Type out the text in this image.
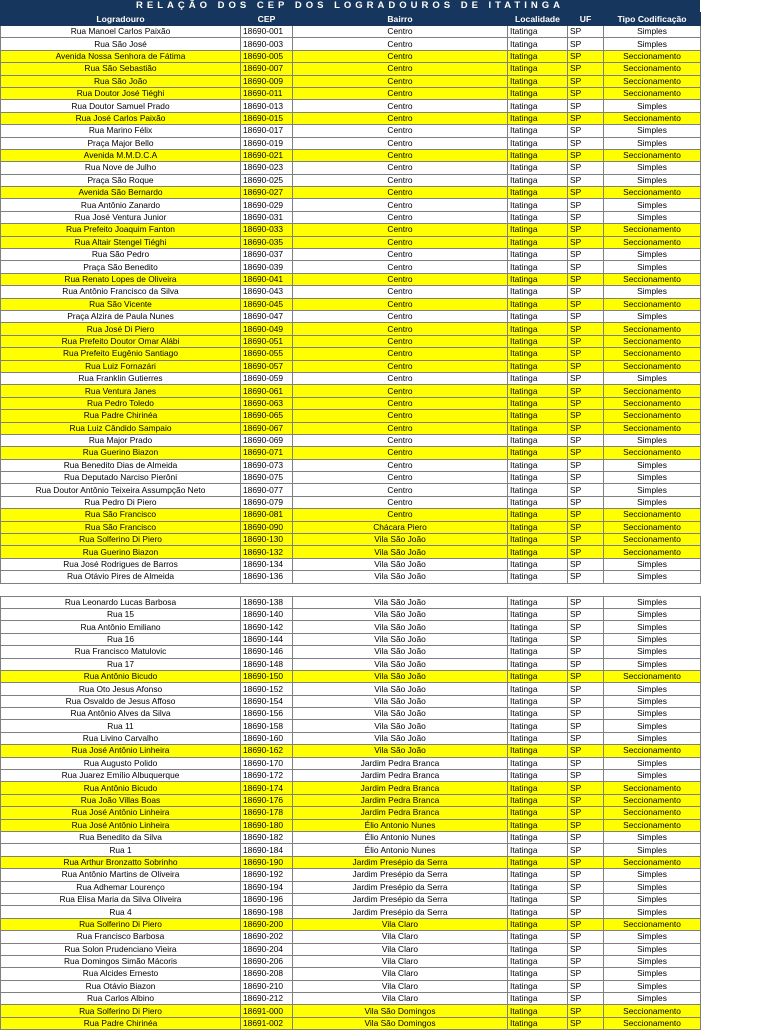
RELAÇÃO DOS CEP DOS LOGRADOUROS DE ITATINGA
Logradouro	CEP	Bairro	Localidade	UF	Tipo Codificação
Rua Manoel Carlos Paixão	18690-001	Centro	Itatinga	SP	Simples
Rua São José	18690-003	Centro	Itatinga	SP	Simples
Avenida Nossa Senhora de Fátima	18690-005	Centro	Itatinga	SP	Seccionamento
Rua São Sebastião	18690-007	Centro	Itatinga	SP	Seccionamento
Rua São João	18690-009	Centro	Itatinga	SP	Seccionamento
Rua Doutor José Tiéghi	18690-011	Centro	Itatinga	SP	Seccionamento
Rua Doutor Samuel Prado	18690-013	Centro	Itatinga	SP	Simples
Rua José Carlos Paixão	18690-015	Centro	Itatinga	SP	Seccionamento
Rua Marino Félix	18690-017	Centro	Itatinga	SP	Simples
Praça Major Bello	18690-019	Centro	Itatinga	SP	Simples
Avenida M.M.D.C.A	18690-021	Centro	Itatinga	SP	Seccionamento
Rua Nove de Julho	18690-023	Centro	Itatinga	SP	Simples
Praça São Roque	18690-025	Centro	Itatinga	SP	Simples
Avenida São Bernardo	18690-027	Centro	Itatinga	SP	Seccionamento
Rua Antônio Zanardo	18690-029	Centro	Itatinga	SP	Simples
Rua José Ventura Junior	18690-031	Centro	Itatinga	SP	Simples
Rua Prefeito Joaquim Fanton	18690-033	Centro	Itatinga	SP	Seccionamento
Rua Altair Stengel Tiéghi	18690-035	Centro	Itatinga	SP	Seccionamento
Rua São Pedro	18690-037	Centro	Itatinga	SP	Simples
Praça São Benedito	18690-039	Centro	Itatinga	SP	Simples
Rua Renato Lopes de Oliveira	18690-041	Centro	Itatinga	SP	Seccionamento
Rua Antônio Francisco da Silva	18690-043	Centro	Itatinga	SP	Simples
Rua São Vicente	18690-045	Centro	Itatinga	SP	Seccionamento
Praça Alzira de Paula Nunes	18690-047	Centro	Itatinga	SP	Simples
Rua José Di Piero	18690-049	Centro	Itatinga	SP	Seccionamento
Rua Prefeito Doutor Omar Alábi	18690-051	Centro	Itatinga	SP	Seccionamento
Rua Prefeito Eugênio Santiago	18690-055	Centro	Itatinga	SP	Seccionamento
Rua Luiz Fornazári	18690-057	Centro	Itatinga	SP	Seccionamento
Rua Franklin Gutierres	18690-059	Centro	Itatinga	SP	Simples
Rua Ventura Janes	18690-061	Centro	Itatinga	SP	Seccionamento
Rua Pedro Toledo	18690-063	Centro	Itatinga	SP	Seccionamento
Rua Padre Chirinéa	18690-065	Centro	Itatinga	SP	Seccionamento
Rua Luiz Cândido Sampaio	18690-067	Centro	Itatinga	SP	Seccionamento
Rua Major Prado	18690-069	Centro	Itatinga	SP	Simples
Rua Guerino Biazon	18690-071	Centro	Itatinga	SP	Seccionamento
Rua Benedito Dias de Almeida	18690-073	Centro	Itatinga	SP	Simples
Rua Deputado Narciso Pierôni	18690-075	Centro	Itatinga	SP	Simples
Rua Doutor Antônio Teixeira Assumpção Neto	18690-077	Centro	Itatinga	SP	Simples
Rua Pedro Di Piero	18690-079	Centro	Itatinga	SP	Simples
Rua São Francisco	18690-081	Centro	Itatinga	SP	Seccionamento
Rua São Francisco	18690-090	Chácara Piero	Itatinga	SP	Seccionamento
Rua Solferino Di Piero	18690-130	Vila São João	Itatinga	SP	Seccionamento
Rua Guerino Biazon	18690-132	Vila São João	Itatinga	SP	Seccionamento
Rua José Rodrigues de Barros	18690-134	Vila São João	Itatinga	SP	Simples
Rua Otávio Pires de Almeida	18690-136	Vila São João	Itatinga	SP	Simples

Rua Leonardo Lucas Barbosa	18690-138	Vila São João	Itatinga	SP	Simples
Rua 15	18690-140	Vila São João	Itatinga	SP	Simples
Rua Antônio Emiliano	18690-142	Vila São João	Itatinga	SP	Simples
Rua 16	18690-144	Vila São João	Itatinga	SP	Simples
Rua Francisco Matulovic	18690-146	Vila São João	Itatinga	SP	Simples
Rua 17	18690-148	Vila São João	Itatinga	SP	Simples
Rua Antônio Bicudo	18690-150	Vila São João	Itatinga	SP	Seccionamento
Rua Oto Jesus Afonso	18690-152	Vila São João	Itatinga	SP	Simples
Rua Osvaldo de Jesus Affoso	18690-154	Vila São João	Itatinga	SP	Simples
Rua Antônio Alves da Silva	18690-156	Vila São João	Itatinga	SP	Simples
Rua 11	18690-158	Vila São João	Itatinga	SP	Simples
Rua Livino Carvalho	18690-160	Vila São João	Itatinga	SP	Simples
Rua José Antônio Linheira	18690-162	Vila São João	Itatinga	SP	Seccionamento
Rua Augusto Polido	18690-170	Jardim Pedra Branca	Itatinga	SP	Simples
Rua Juarez Emílio Albuquerque	18690-172	Jardim Pedra Branca	Itatinga	SP	Simples
Rua Antônio Bicudo	18690-174	Jardim Pedra Branca	Itatinga	SP	Seccionamento
Rua João Villas Boas	18690-176	Jardim Pedra Branca	Itatinga	SP	Seccionamento
Rua José Antônio Linheira	18690-178	Jardim Pedra Branca	Itatinga	SP	Seccionamento
Rua José Antônio Linheira	18690-180	Élio Antonio Nunes	Itatinga	SP	Seccionamento
Rua Benedito da Silva	18690-182	Élio Antonio Nunes	Itatinga	SP	Simples
Rua 1	18690-184	Élio Antonio Nunes	Itatinga	SP	Simples
Rua Arthur Bronzatto Sobrinho	18690-190	Jardim Presépio da Serra	Itatinga	SP	Seccionamento
Rua Antônio Martins de Oliveira	18690-192	Jardim Presépio da Serra	Itatinga	SP	Simples
Rua Adhemar Lourenço	18690-194	Jardim Presépio da Serra	Itatinga	SP	Simples
Rua Elisa Maria da Silva Oliveira	18690-196	Jardim Presépio da Serra	Itatinga	SP	Simples
Rua 4	18690-198	Jardim Presépio da Serra	Itatinga	SP	Simples
Rua Solferino Di Piero	18690-200	Vila Claro	Itatinga	SP	Seccionamento
Rua Francisco Barbosa	18690-202	Vila Claro	Itatinga	SP	Simples
Rua Solon Prudenciano Vieira	18690-204	Vila Claro	Itatinga	SP	Simples
Rua Domingos Simão Mácoris	18690-206	Vila Claro	Itatinga	SP	Simples
Rua Alcides Ernesto	18690-208	Vila Claro	Itatinga	SP	Simples
Rua Otávio Biazon	18690-210	Vila Claro	Itatinga	SP	Simples
Rua Carlos Albino	18690-212	Vila Claro	Itatinga	SP	Simples
Rua Solferino Di Piero	18691-000	Vila São Domingos	Itatinga	SP	Seccionamento
Rua Padre Chirinéa	18691-002	Vila São Domingos	Itatinga	SP	Seccionamento
